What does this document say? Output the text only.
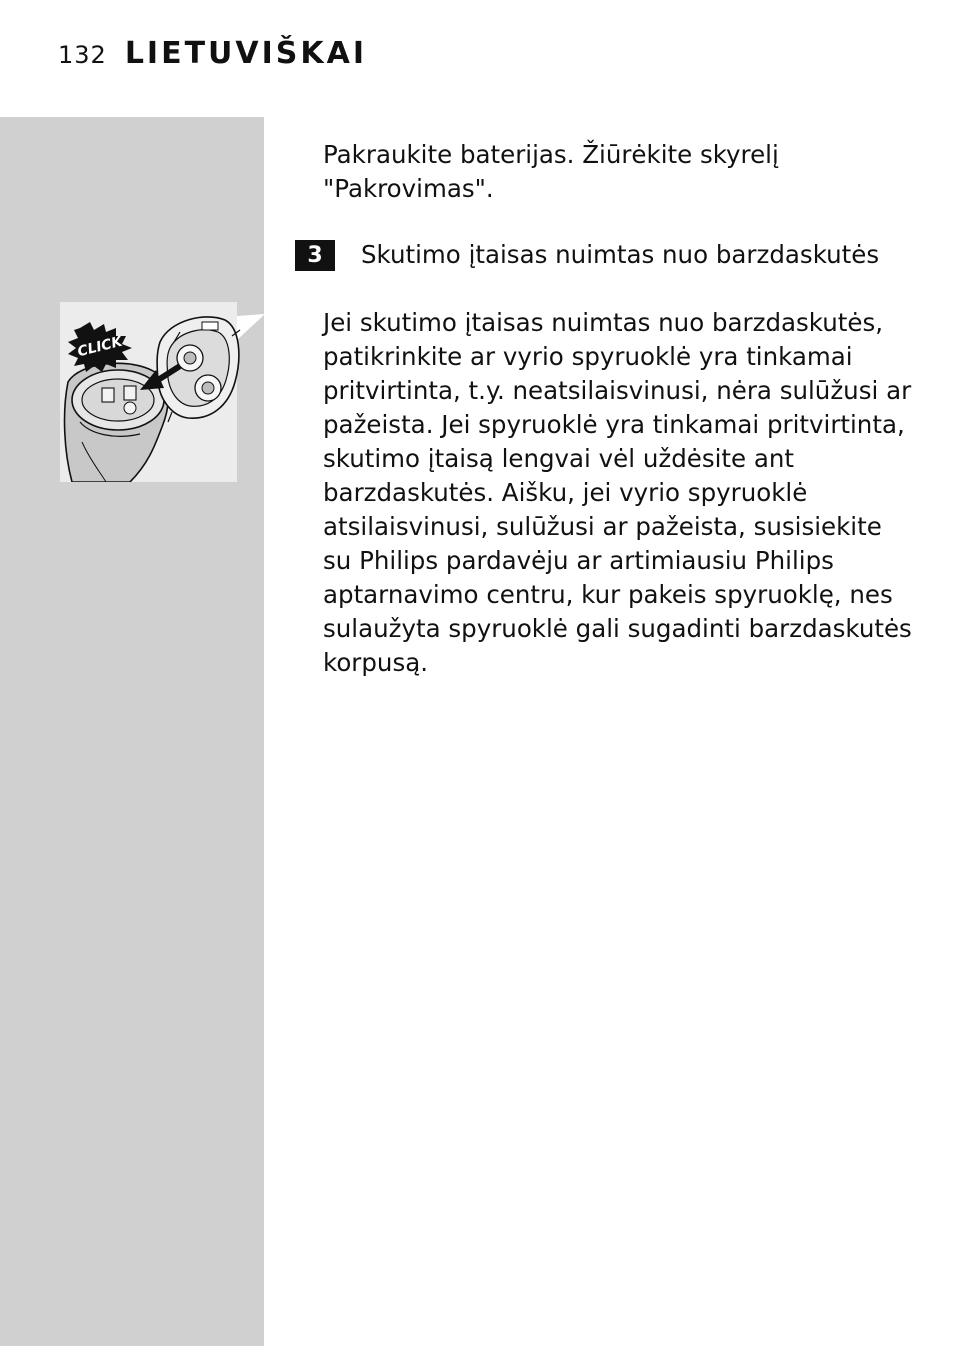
132 LIETUVIŠKAI
CLICK

Pakraukite baterijas. Žiūrėkite skyrelį "Pakrovimas".

3	Skutimo įtaisas nuimtas nuo barzdaskutės

Jei skutimo įtaisas nuimtas nuo barzdaskutės, patikrinkite ar vyrio spyruoklė yra tinkamai pritvirtinta, t.y. neatsilaisvinusi, nėra sulūžusi ar pažeista. Jei spyruoklė yra tinkamai pritvirtinta, skutimo įtaisą lengvai vėl uždėsite ant barzdaskutės. Aišku, jei vyrio spyruoklė atsilaisvinusi, sulūžusi ar pažeista, susisiekite su Philips pardavėju ar artimiausiu Philips aptarnavimo centru, kur pakeis spyruoklę, nes sulaužyta spyruoklė gali sugadinti barzdaskutės korpusą.
